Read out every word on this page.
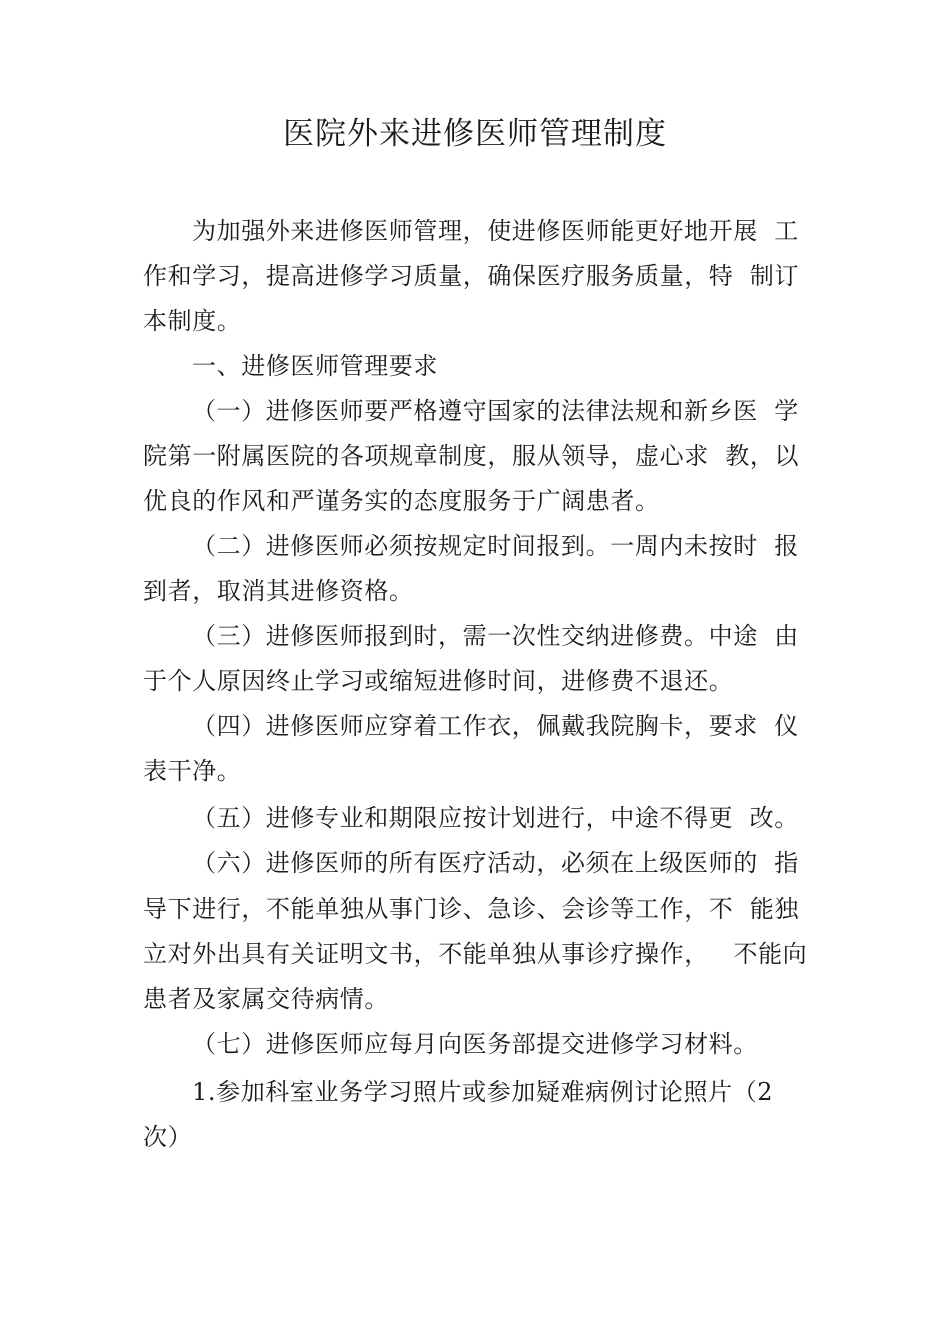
医院外来进修医师管理制度
为加强外来进修医师管理，使进修医师能更好地开展  工
作和学习，提高进修学习质量，确保医疗服务质量，特  制订
本制度。
一、进修医师管理要求
（一）进修医师要严格遵守国家的法律法规和新乡医  学
院第一附属医院的各项规章制度，服从领导，虚心求  教，以
优良的作风和严谨务实的态度服务于广阔患者。
（二）进修医师必须按规定时间报到。一周内未按时  报
到者，取消其进修资格。
（三）进修医师报到时，需一次性交纳进修费。中途  由
于个人原因终止学习或缩短进修时间，进修费不退还。
（四）进修医师应穿着工作衣，佩戴我院胸卡，要求  仪
表干净。
（五）进修专业和期限应按计划进行，中途不得更  改。
（六）进修医师的所有医疗活动，必须在上级医师的  指
导下进行，不能单独从事门诊、急诊、会诊等工作，不  能独
立对外出具有关证明文书，不能单独从事诊疗操作，   不能向
患者及家属交待病情。
（七）进修医师应每月向医务部提交进修学习材料。
1.参加科室业务学习照片或参加疑难病例讨论照片（2
次）
